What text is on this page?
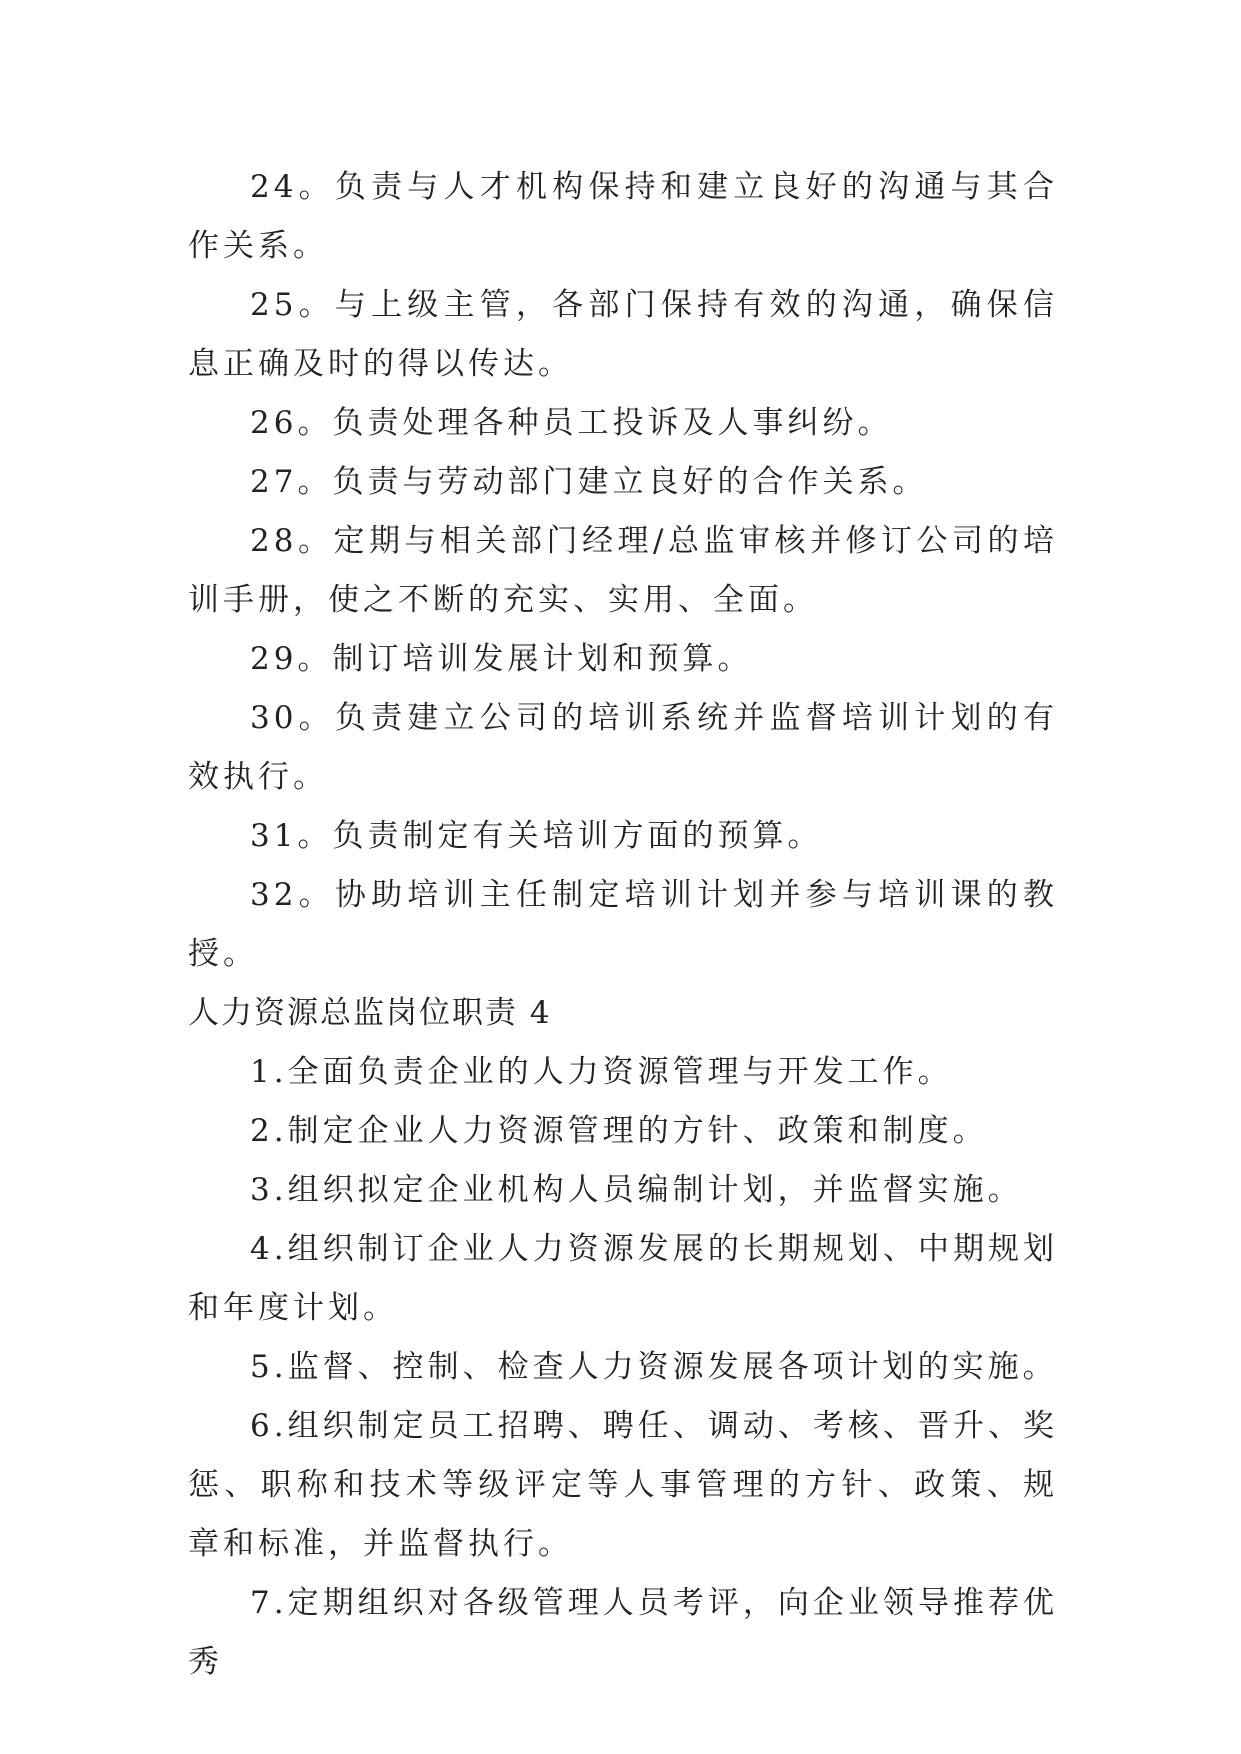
24。负责与人才机构保持和建立良好的沟通与其合作关系。

25。与上级主管，各部门保持有效的沟通，确保信息正确及时的得以传达。

26。负责处理各种员工投诉及人事纠纷。

27。负责与劳动部门建立良好的合作关系。

28。定期与相关部门经理/总监审核并修订公司的培训手册，使之不断的充实、实用、全面。

29。制订培训发展计划和预算。

30。负责建立公司的培训系统并监督培训计划的有效执行。

31。负责制定有关培训方面的预算。

32。协助培训主任制定培训计划并参与培训课的教授。

人力资源总监岗位职责 4

1.全面负责企业的人力资源管理与开发工作。

2.制定企业人力资源管理的方针、政策和制度。

3.组织拟定企业机构人员编制计划，并监督实施。

4.组织制订企业人力资源发展的长期规划、中期规划和年度计划。

5.监督、控制、检查人力资源发展各项计划的实施。

6.组织制定员工招聘、聘任、调动、考核、晋升、奖惩、职称和技术等级评定等人事管理的方针、政策、规章和标准，并监督执行。

7.定期组织对各级管理人员考评，向企业领导推荐优秀
